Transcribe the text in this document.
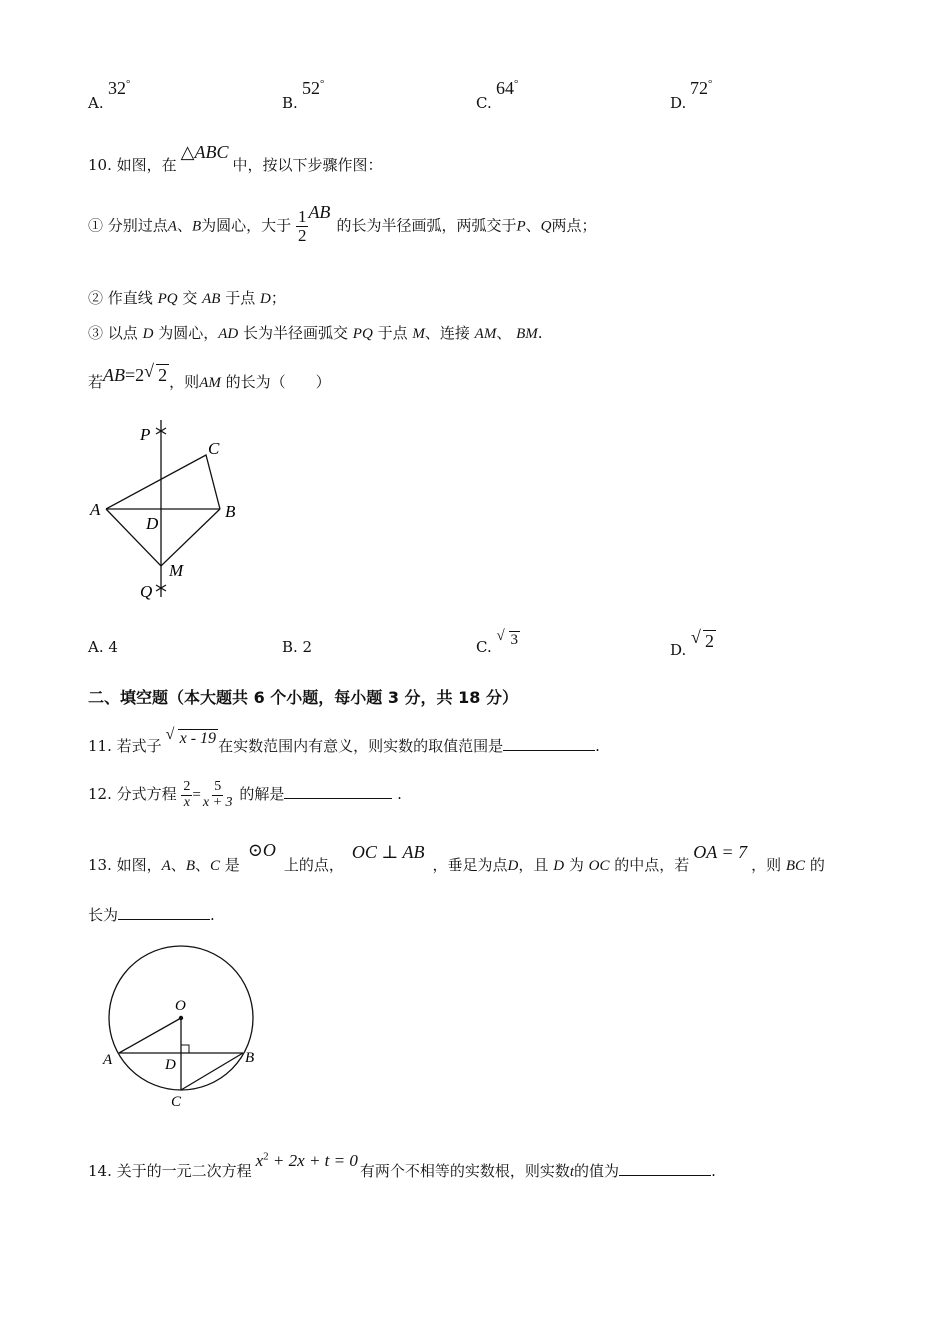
A.
32°
B.
52°
C.
64°
D.
72°
10. 如图，在△ABC中，按以下步骤作图：
① 分别过点A、B为圆心，大于 $\frac{1}{2}$ AB的长为半径画弧，两弧交于P、Q两点；
② 作直线 PQ 交 AB 于点 D；
③ 以点 D 为圆心，AD 长为半径画弧交 PQ 于点 M、连接 AM、 BM.
若AB=2 √ 2 ，则AM 的长为（　　）
P
C
A
D
B
M
Q
A. 4	B. 2	C.
√ 3
D.
√ 2
二、填空题（本大题共 6 个小题，每小题 3 分，共 18 分）
11. 若式子
√ x - 19 在实数范围内有意义，则实数的取值范围是	.
12. 分式方程 $\frac{2}{x} = \frac{5}{x + 3}$ 的解是	.
13. 如图，A、B、C 是⊙O上的点，OC ⊥ AB，垂足为点D，且 D 为 OC 的中点，若OA = 7，则 BC 的
长为	.
O
A	D	B
C
14. 关于的一元二次方程$x^2 + 2x + t = 0$有两个不相等的实数根，则实数t的值为	.
